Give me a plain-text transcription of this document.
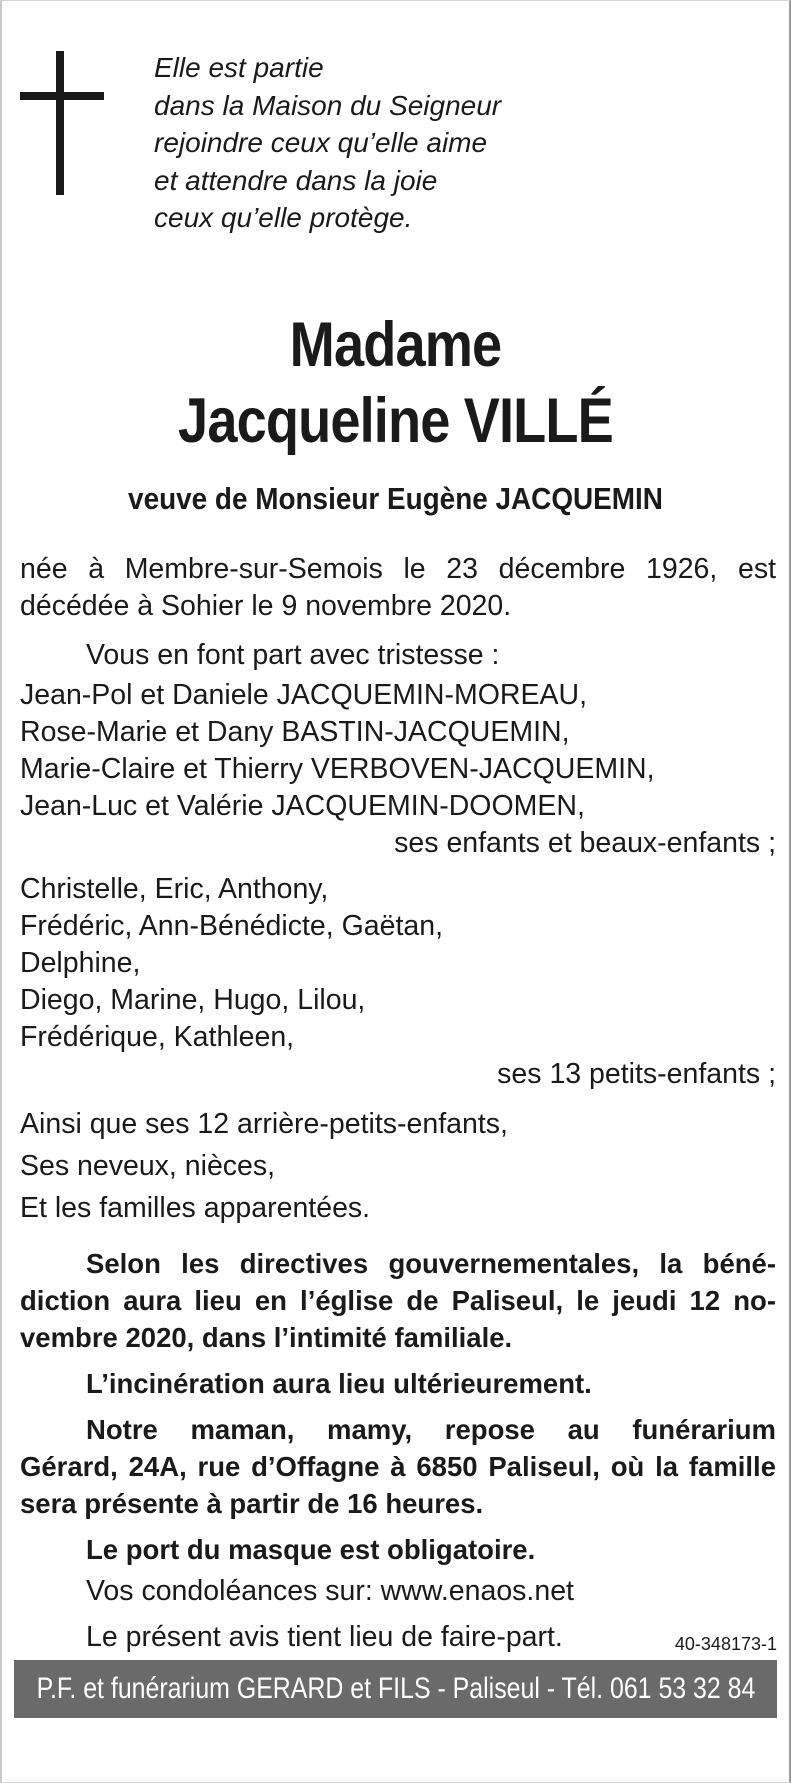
Elle est partie
dans la Maison du Seigneur
rejoindre ceux qu’elle aime
et attendre dans la joie
ceux qu’elle protège.
Madame
Jacqueline VILLÉ
veuve de Monsieur Eugène JACQUEMIN
née à Membre-sur-Semois le 23 décembre 1926, est
décédée à Sohier le 9 novembre 2020.
Vous en font part avec tristesse :
Jean-Pol et Daniele JACQUEMIN-MOREAU,
Rose-Marie et Dany BASTIN-JACQUEMIN,
Marie-Claire et Thierry VERBOVEN-JACQUEMIN,
Jean-Luc et Valérie JACQUEMIN-DOOMEN,
ses enfants et beaux-enfants ;
Christelle, Eric, Anthony,
Frédéric, Ann-Bénédicte, Gaëtan,
Delphine,
Diego, Marine, Hugo, Lilou,
Frédérique, Kathleen,
ses 13 petits-enfants ;
Ainsi que ses 12 arrière-petits-enfants,
Ses neveux, nièces,
Et les familles apparentées.
Selon les directives gouvernementales, la béné-
diction aura lieu en l’église de Paliseul, le jeudi 12 no-
vembre 2020, dans l’intimité familiale.
L’incinération aura lieu ultérieurement.
Notre maman, mamy, repose au funérarium
Gérard, 24A, rue d’Offagne à 6850 Paliseul, où la famille
sera présente à partir de 16 heures.
Le port du masque est obligatoire.
Vos condoléances sur: www.enaos.net
Le présent avis tient lieu de faire-part.	40-348173-1
P.F. et funérarium GERARD et FILS - Paliseul - Tél. 061 53 32 84
